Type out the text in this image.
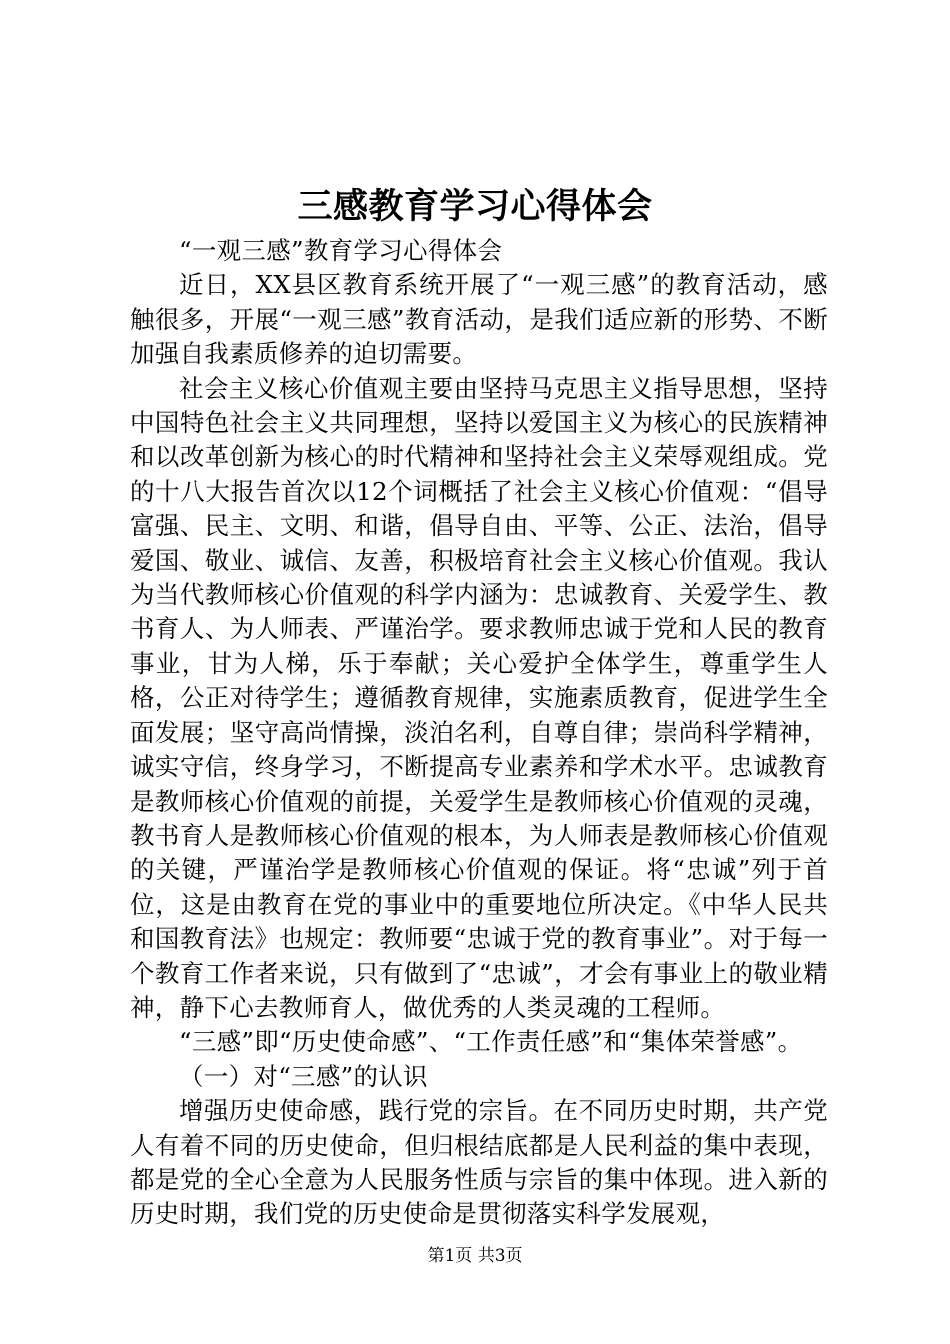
三感教育学习心得体会

“一观三感”教育学习心得体会

近日，XX县区教育系统开展了“一观三感”的教育活动，感触很多，开展“一观三感”教育活动，是我们适应新的形势、不断加强自我素质修养的迫切需要。

社会主义核心价值观主要由坚持马克思主义指导思想，坚持中国特色社会主义共同理想，坚持以爱国主义为核心的民族精神和以改革创新为核心的时代精神和坚持社会主义荣辱观组成。党的十八大报告首次以12个词概括了社会主义核心价值观：“倡导富强、民主、文明、和谐，倡导自由、平等、公正、法治，倡导爱国、敬业、诚信、友善，积极培育社会主义核心价值观。我认为当代教师核心价值观的科学内涵为：忠诚教育、关爱学生、教书育人、为人师表、严谨治学。要求教师忠诚于党和人民的教育事业，甘为人梯，乐于奉献；关心爱护全体学生，尊重学生人格，公正对待学生；遵循教育规律，实施素质教育，促进学生全面发展；坚守高尚情操，淡泊名利，自尊自律；崇尚科学精神，诚实守信，终身学习，不断提高专业素养和学术水平。忠诚教育是教师核心价值观的前提，关爱学生是教师核心价值观的灵魂，教书育人是教师核心价值观的根本，为人师表是教师核心价值观的关键，严谨治学是教师核心价值观的保证。将“忠诚”列于首位，这是由教育在党的事业中的重要地位所决定。《中华人民共和国教育法》也规定：教师要“忠诚于党的教育事业”。对于每一个教育工作者来说，只有做到了“忠诚”，才会有事业上的敬业精神，静下心去教师育人，做优秀的人类灵魂的工程师。

“三感”即“历史使命感”、“工作责任感”和“集体荣誉感”。

（一）对“三感”的认识

增强历史使命感，践行党的宗旨。在不同历史时期，共产党人有着不同的历史使命，但归根结底都是人民利益的集中表现，都是党的全心全意为人民服务性质与宗旨的集中体现。进入新的历史时期，我们党的历史使命是贯彻落实科学发展观，

第1页 共3页
